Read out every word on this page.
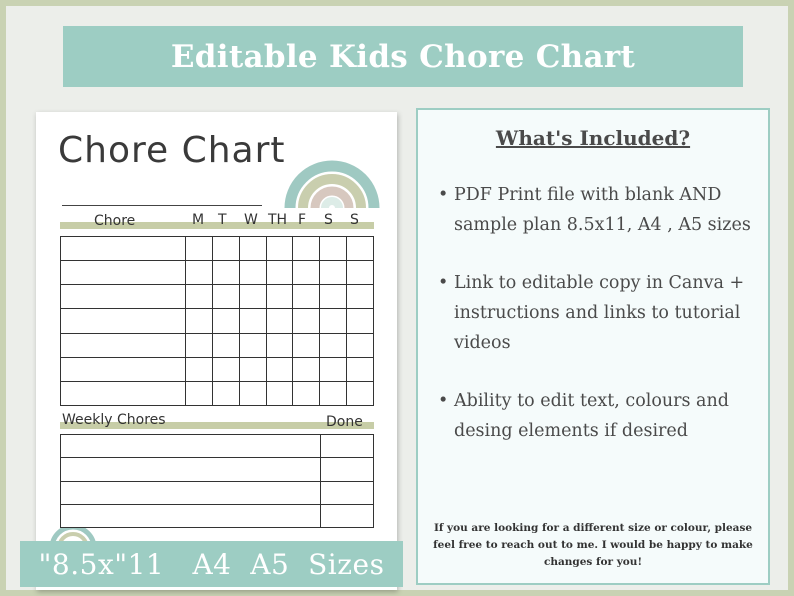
Editable Kids Chore Chart
Chore Chart
Chore	M T W TH F S S

Weekly Chores	Done

"8.5x"11   A4  A5  Sizes
What's Included?
• PDF Print file with blank AND sample plan 8.5x11, A4 , A5 sizes
• Link to editable copy in Canva + instructions and links to tutorial videos
• Ability to edit text, colours and desing elements if desired
If you are looking for a different size or colour, please feel free to reach out to me. I would be happy to make changes for you!
